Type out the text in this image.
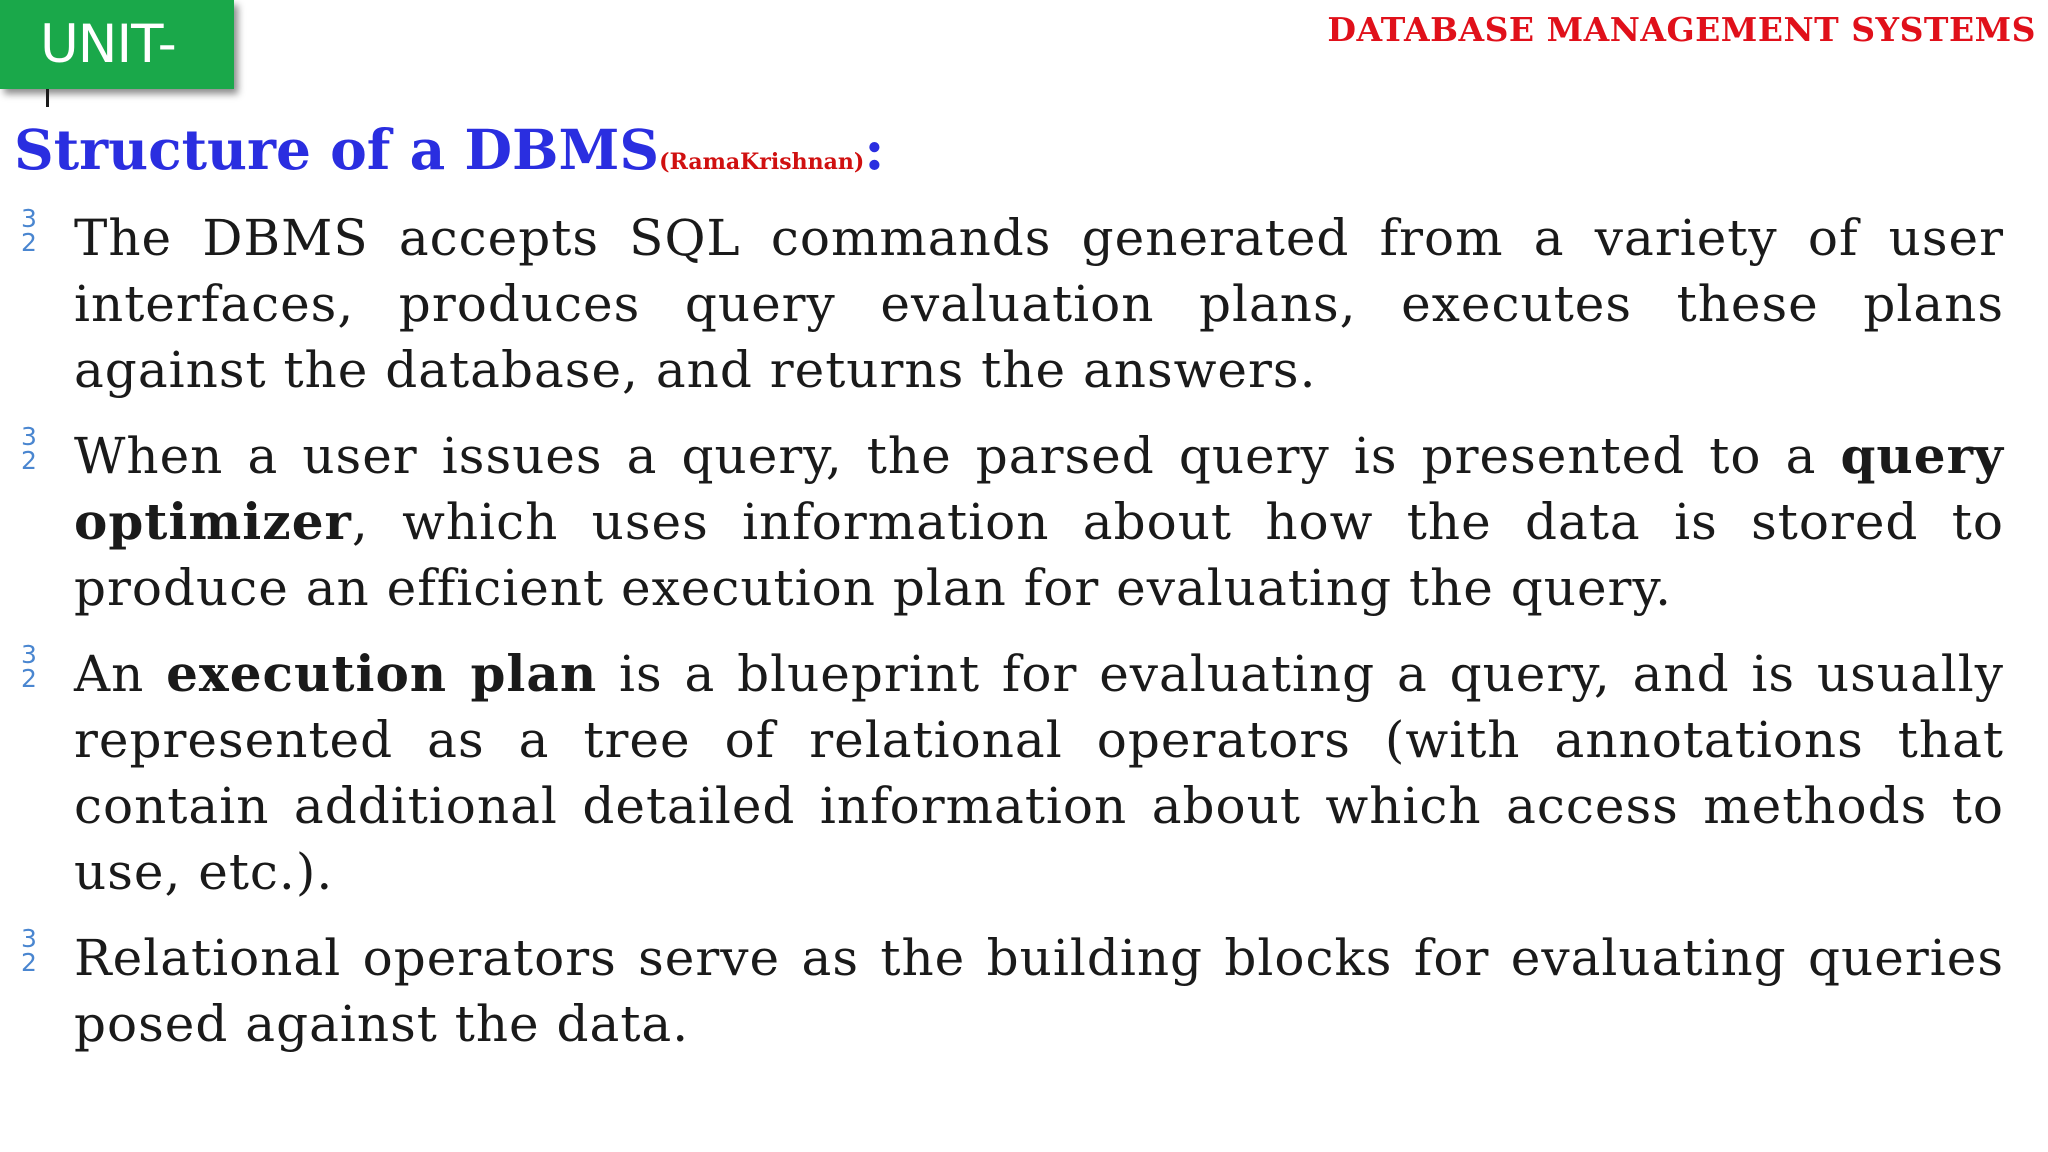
UNIT-	DATABASE MANAGEMENT SYSTEMS
Structure of a DBMS(RamaKrishnan):
3
2 The DBMS accepts SQL commands generated from a variety of user interfaces, produces query evaluation plans, executes these plans against the database, and returns the answers.
3
2 When a user issues a query, the parsed query is presented to a query optimizer, which uses information about how the data is stored to produce an efficient execution plan for evaluating the query.
3
2 An execution plan is a blueprint for evaluating a query, and is usually represented as a tree of relational operators (with annotations that contain additional detailed information about which access methods to use, etc.).
3
2 Relational operators serve as the building blocks for evaluating queries posed against the data.
